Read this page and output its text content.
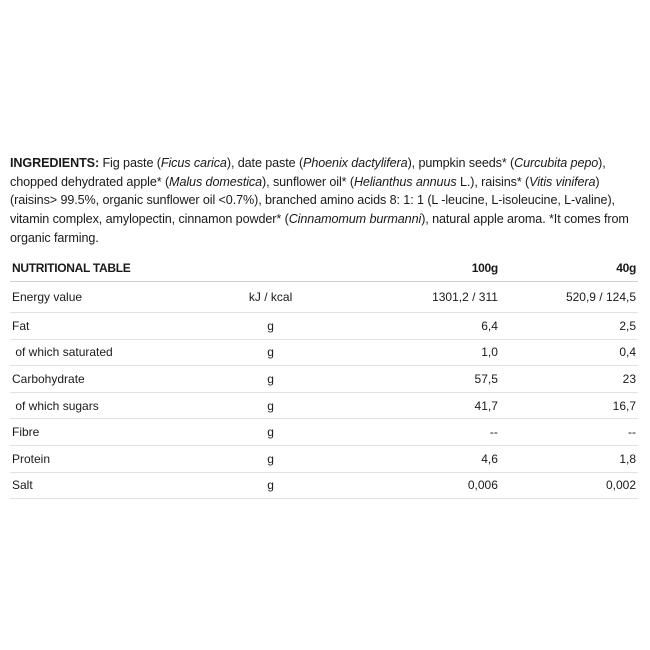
INGREDIENTS: Fig paste (Ficus carica), date paste (Phoenix dactylifera), pumpkin seeds* (Curcubita pepo), chopped dehydrated apple* (Malus domestica), sunflower oil* (Helianthus annuus L.), raisins* (Vitis vinifera) (raisins> 99.5%, organic sunflower oil <0.7%), branched amino acids 8: 1: 1 (L -leucine, L-isoleucine, L-valine), vitamin complex, amylopectin, cinnamon powder* (Cinnamomum burmanni), natural apple aroma. *It comes from organic farming.
NUTRITIONAL TABLE		100g	40g
Energy value	kJ / kcal	1301,2 / 311	520,9 / 124,5
Fat	g	6,4	2,5
of which saturated	g	1,0	0,4
Carbohydrate	g	57,5	23
of which sugars	g	41,7	16,7
Fibre	g	--	--
Protein	g	4,6	1,8
Salt	g	0,006	0,002
